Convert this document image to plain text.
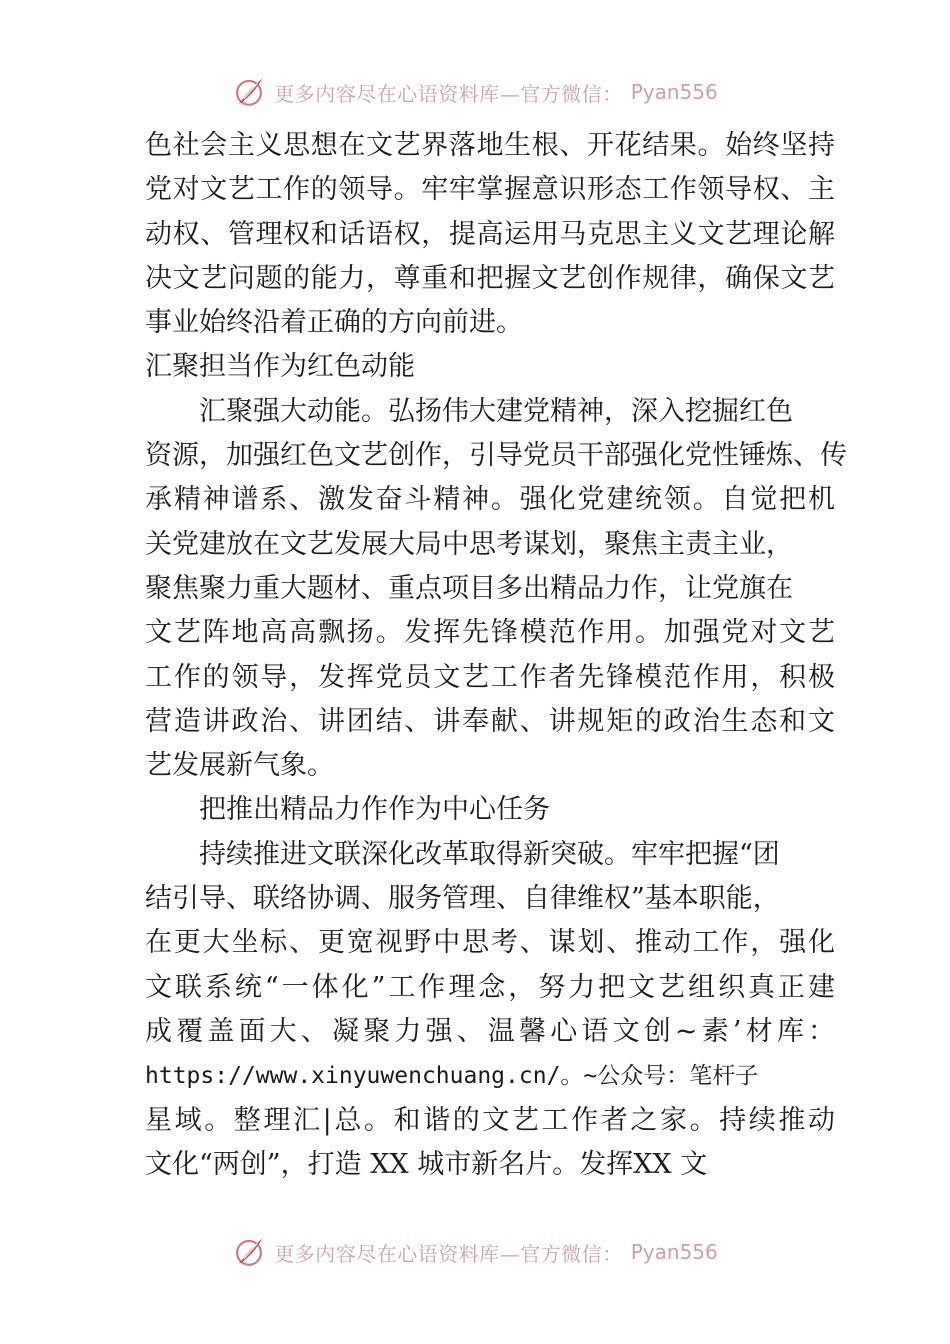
更多内容尽在心语资料库—官方微信： Pyan556
色社会主义思想在文艺界落地生根、开花结果。始终坚持
党对文艺工作的领导。牢牢掌握意识形态工作领导权、主
动权、管理权和话语权，提高运用马克思主义文艺理论解
决文艺问题的能力，尊重和把握文艺创作规律，确保文艺
事业始终沿着正确的方向前进。
汇聚担当作为红色动能
汇聚强大动能。弘扬伟大建党精神，深入挖掘红色
资源，加强红色文艺创作，引导党员干部强化党性锤炼、传
承精神谱系、激发奋斗精神。强化党建统领。自觉把机
关党建放在文艺发展大局中思考谋划，聚焦主责主业，
聚焦聚力重大题材、重点项目多出精品力作，让党旗在
文艺阵地高高飘扬。发挥先锋模范作用。加强党对文艺
工作的领导，发挥党员文艺工作者先锋模范作用，积极
营造讲政治、讲团结、讲奉献、讲规矩的政治生态和文
艺发展新气象。
把推出精品力作作为中心任务
持续推进文联深化改革取得新突破。牢牢把握“团
结引导、联络协调、服务管理、自律维权”基本职能，
在更大坐标、更宽视野中思考、谋划、推动工作，强化
文联系统“一体化”工作理念，努力把文艺组织真正建
成覆盖面大、凝聚力强、温馨心语文创~素’材库：
https://www.xinyuwenchuang.cn/。~公众号：笔杆子
星域。整理汇|总。和谐的文艺工作者之家。持续推动
文化“两创”，打造 XX 城市新名片。发挥XX 文
更多内容尽在心语资料库—官方微信： Pyan556
